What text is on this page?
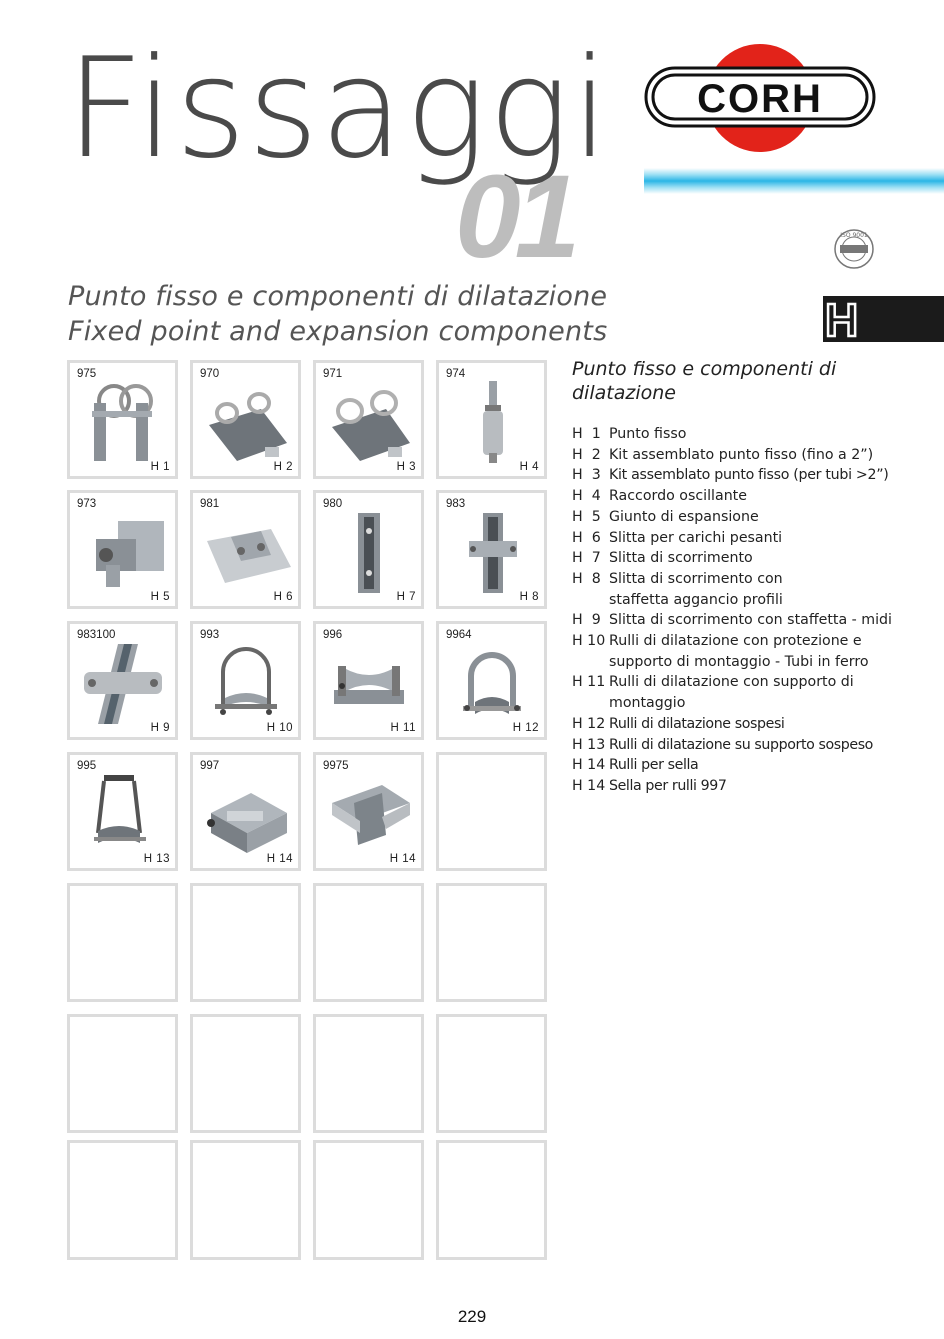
Fissaggi
01
CORH
ISO 9001
Punto fisso e componenti di dilatazione
Fixed point and expansion components	H
975
H 1
970
H 2
971
H 3
974
H 4
973
H 5
981
H 6
980
H 7
983
H 8
983100
H 9
993
H 10
996
H 11
9964
H 12
995
H 13
997
H 14
9975
H 14
Punto fisso e componenti di dilatazione
H  1 Punto fisso
H  2 Kit assemblato punto fisso (fino a 2”)
H  3 Kit assemblato punto fisso (per tubi >2”)
H  4 Raccordo oscillante
H  5 Giunto di espansione
H  6 Slitta per carichi pesanti
H  7 Slitta di scorrimento
H  8 Slitta di scorrimento con staffetta aggancio profili
H  9 Slitta di scorrimento con staffetta - midi
H 10 Rulli di dilatazione con protezione e supporto di montaggio - Tubi in ferro
H 11 Rulli di dilatazione con supporto di montaggio
H 12 Rulli di dilatazione sospesi
H 13 Rulli di dilatazione su supporto sospeso
H 14 Rulli per sella
H 14 Sella per rulli 997
229
